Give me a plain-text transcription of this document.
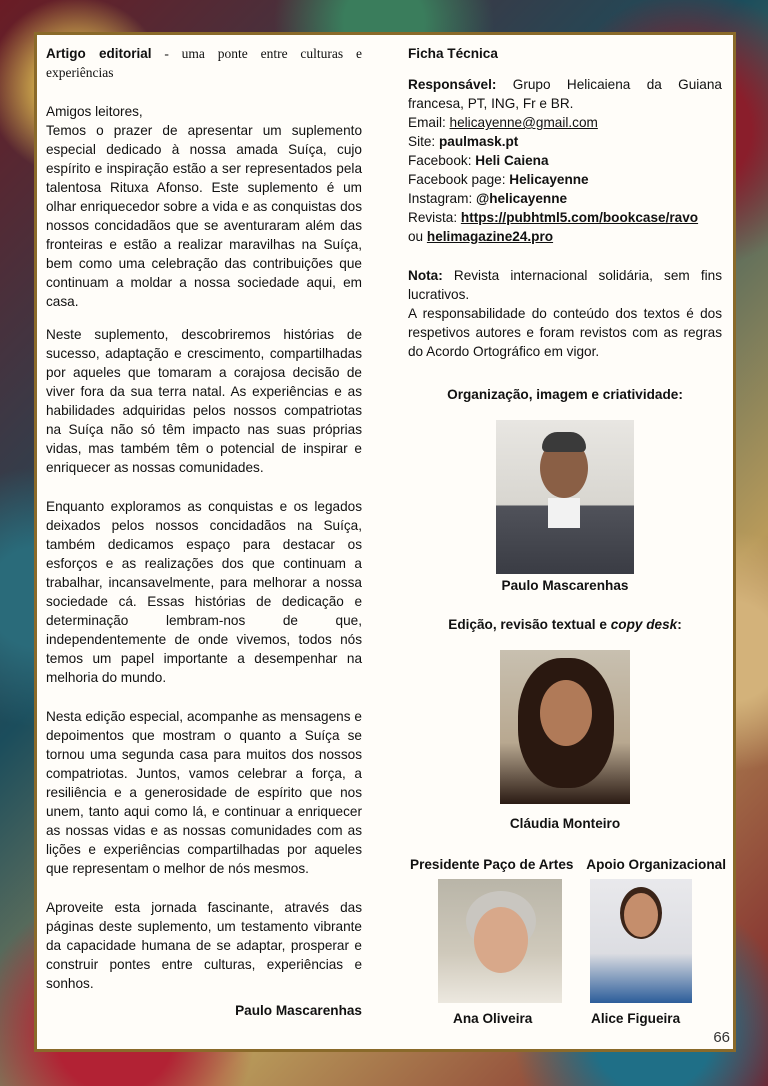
Artigo editorial - uma ponte entre culturas e experiências

Amigos leitores,

Temos o prazer de apresentar um suplemento especial dedicado à nossa amada Suíça, cujo espírito e inspiração estão a ser representados pela talentosa Rituxa Afonso. Este suplemento é um olhar enriquecedor sobre a vida e as conquistas dos nossos concidadãos que se aventuraram além das fronteiras e estão a realizar maravilhas na Suíça, bem como uma celebração das contribuições que continuam a moldar a nossa sociedade aqui, em casa.

Neste suplemento, descobriremos histórias de sucesso, adaptação e crescimento, compartilhadas por aqueles que tomaram a corajosa decisão de viver fora da sua terra natal. As experiências e as habilidades adquiridas pelos nossos compatriotas na Suíça não só têm impacto nas suas próprias vidas, mas também têm o potencial de inspirar e enriquecer as nossas comunidades.

Enquanto exploramos as conquistas e os legados deixados pelos nossos concidadãos na Suíça, também dedicamos espaço para destacar os esforços e as realizações dos que continuam a trabalhar, incansavelmente, para melhorar a nossa sociedade cá. Essas histórias de dedicação e determinação lembram-nos de que, independentemente de onde vivemos, todos nós temos um papel importante a desempenhar na melhoria do mundo.

Nesta edição especial, acompanhe as mensagens e depoimentos que mostram o quanto a Suíça se tornou uma segunda casa para muitos dos nossos compatriotas. Juntos, vamos celebrar a força, a resiliência e a generosidade de espírito que nos unem, tanto aqui como lá, e continuar a enriquecer as nossas vidas e as nossas comunidades com as lições e experiências compartilhadas por aqueles que representam o melhor de nós mesmos.

Aproveite esta jornada fascinante, através das páginas deste suplemento, um testamento vibrante da capacidade humana de se adaptar, prosperar e construir pontes entre culturas, experiências e sonhos.

Paulo Mascarenhas

Ficha Técnica

Responsável: Grupo Helicaiena da Guiana francesa, PT, ING, Fr e BR.

Email: helicayenne@gmail.com

Site: paulmask.pt

Facebook: Heli Caiena

Facebook page: Helicayenne

Instagram: @helicayenne

Revista: https://pubhtml5.com/bookcase/ravo

ou helimagazine24.pro

Nota: Revista internacional solidária, sem fins lucrativos.

A responsabilidade do conteúdo dos textos é dos respetivos autores e foram revistos com as regras do Acordo Ortográfico em vigor.

Organização, imagem e criatividade:

Paulo Mascarenhas

Edição, revisão textual e copy desk:

Cláudia Monteiro

Presidente Paço de Artes Apoio Organizacional
Ana Oliveira	Alice Figueira
66
